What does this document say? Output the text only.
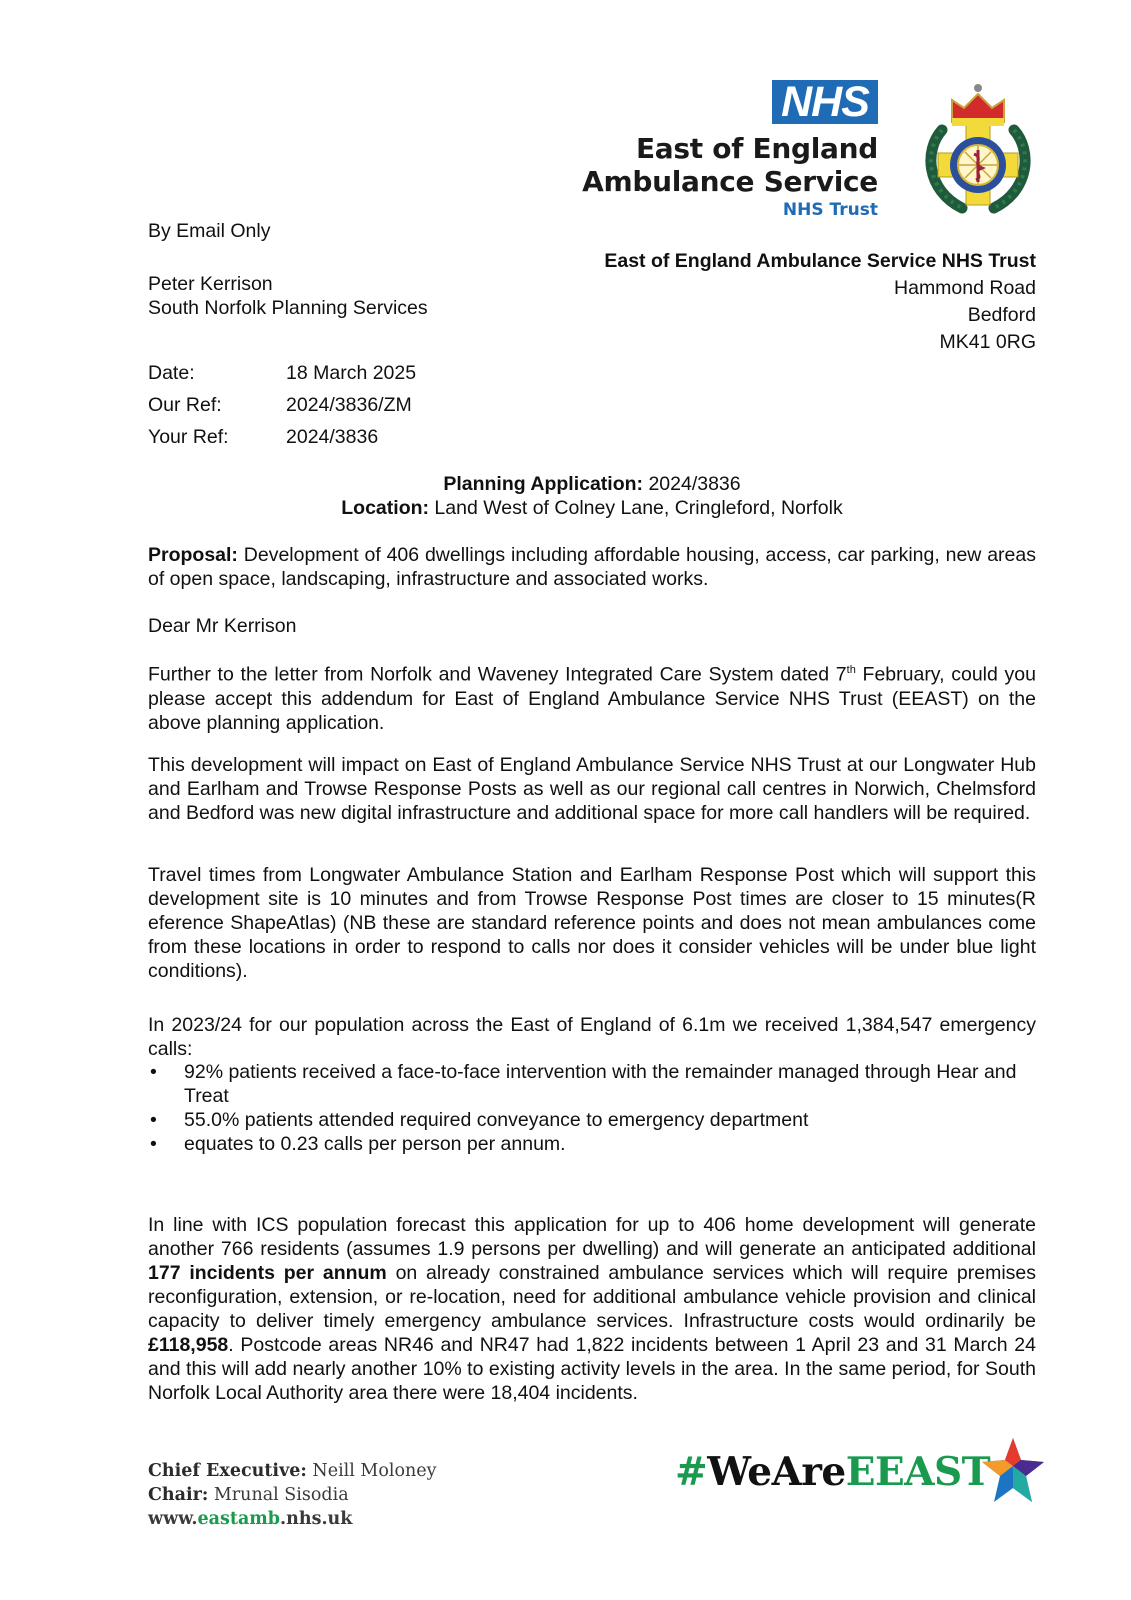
NHS
East of England
Ambulance Service
NHS Trust
East of England Ambulance Service NHS Trust
Hammond Road
Bedford
MK41 0RG
By Email Only
Peter Kerrison
South Norfolk Planning Services
Date:	18 March 2025
Our Ref:	2024/3836/ZM
Your Ref:	2024/3836
Planning Application: 2024/3836
Location: Land West of Colney Lane, Cringleford, Norfolk
Proposal: Development of 406 dwellings including affordable housing, access, car parking, new areas of open space, landscaping, infrastructure and associated works.
Dear Mr Kerrison
Further to the letter from Norfolk and Waveney Integrated Care System dated 7th February, could you please accept this addendum for East of England Ambulance Service NHS Trust (EEAST) on the above planning application.
This development will impact on East of England Ambulance Service NHS Trust at our Longwater Hub and Earlham and Trowse Response Posts as well as our regional call centres in Norwich, Chelmsford and Bedford was new digital infrastructure and additional space for more call handlers will be required.
Travel times from Longwater Ambulance Station and Earlham Response Post which will support this development site is 10 minutes and from Trowse Response Post times are closer to 15 minutes(R eference ShapeAtlas) (NB these are standard reference points and does not mean ambulances come from these locations in order to respond to calls nor does it consider vehicles will be under blue light conditions).
In 2023/24 for our population across the East of England of 6.1m we received 1,384,547 emergency calls:
• 92% patients received a face-to-face intervention with the remainder managed through Hear and Treat
• 55.0% patients attended required conveyance to emergency department
• equates to 0.23 calls per person per annum.
In line with ICS population forecast this application for up to 406 home development will generate another 766 residents (assumes 1.9 persons per dwelling) and will generate an anticipated additional 177 incidents per annum on already constrained ambulance services which will require premises reconfiguration, extension, or re-location, need for additional ambulance vehicle provision and clinical capacity to deliver timely emergency ambulance services. Infrastructure costs would ordinarily be £118,958. Postcode areas NR46 and NR47 had 1,822 incidents between 1 April 23 and 31 March 24 and this will add nearly another 10% to existing activity levels in the area. In the same period, for South Norfolk Local Authority area there were 18,404 incidents.
Chief Executive: Neill Moloney
Chair: Mrunal Sisodia
www.eastamb.nhs.uk
#WeAreEEAST
